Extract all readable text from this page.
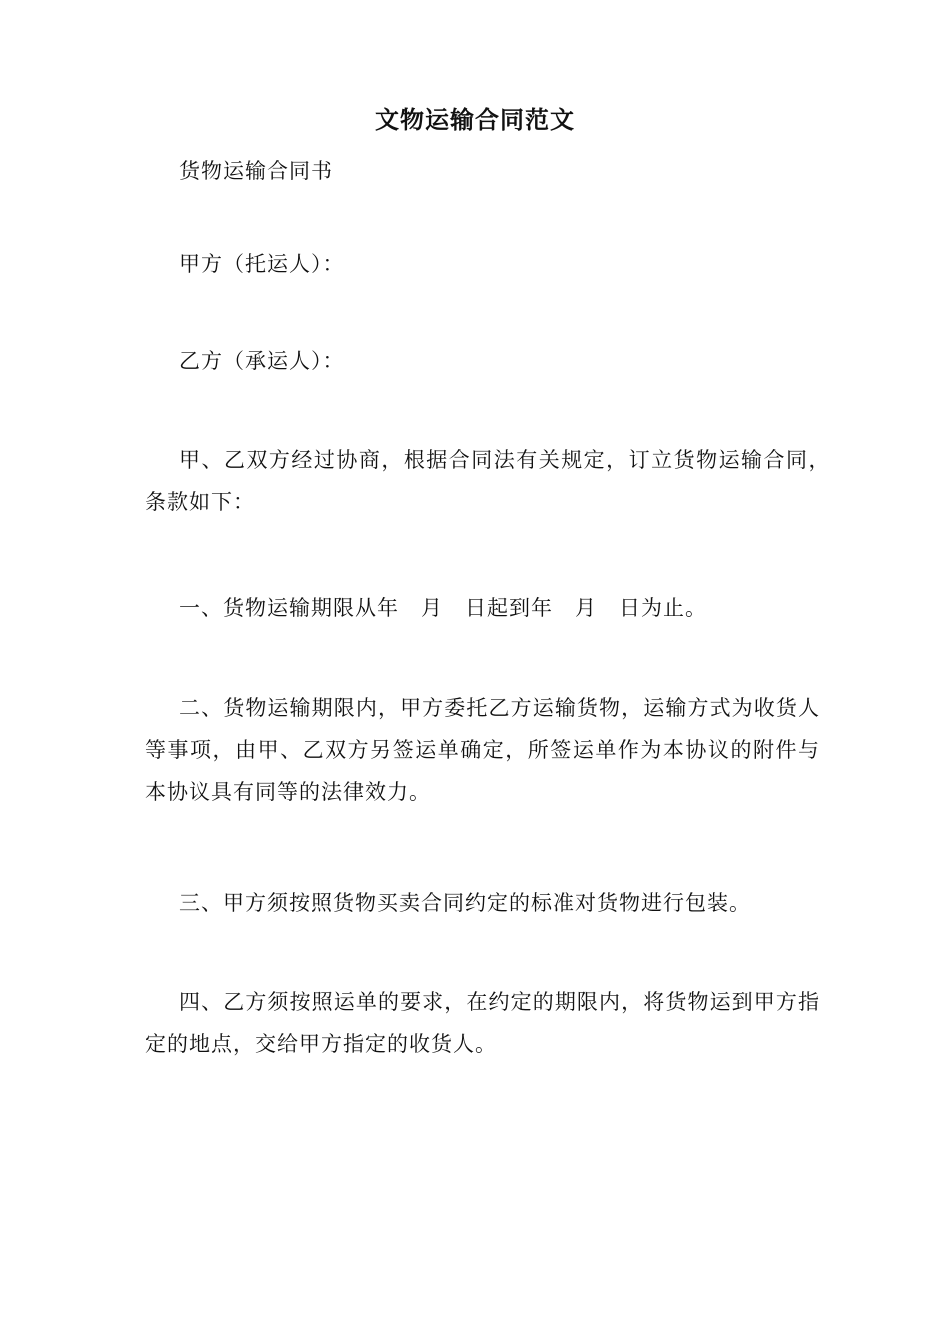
文物运输合同范文

货物运输合同书

甲方（托运人）：

乙方（承运人）：

甲、乙双方经过协商，根据合同法有关规定，订立货物运输合同，　条款如下：

一、货物运输期限从年　月　日起到年　月　日为止。

二、货物运输期限内，甲方委托乙方运输货物，运输方式为收货人等事项，由甲、乙双方另签运单确定，所签运单作为本协议的附件与本协议具有同等的法律效力。

三、甲方须按照货物买卖合同约定的标准对货物进行包装。

四、乙方须按照运单的要求，在约定的期限内，将货物运到甲方指定的地点，交给甲方指定的收货人。
